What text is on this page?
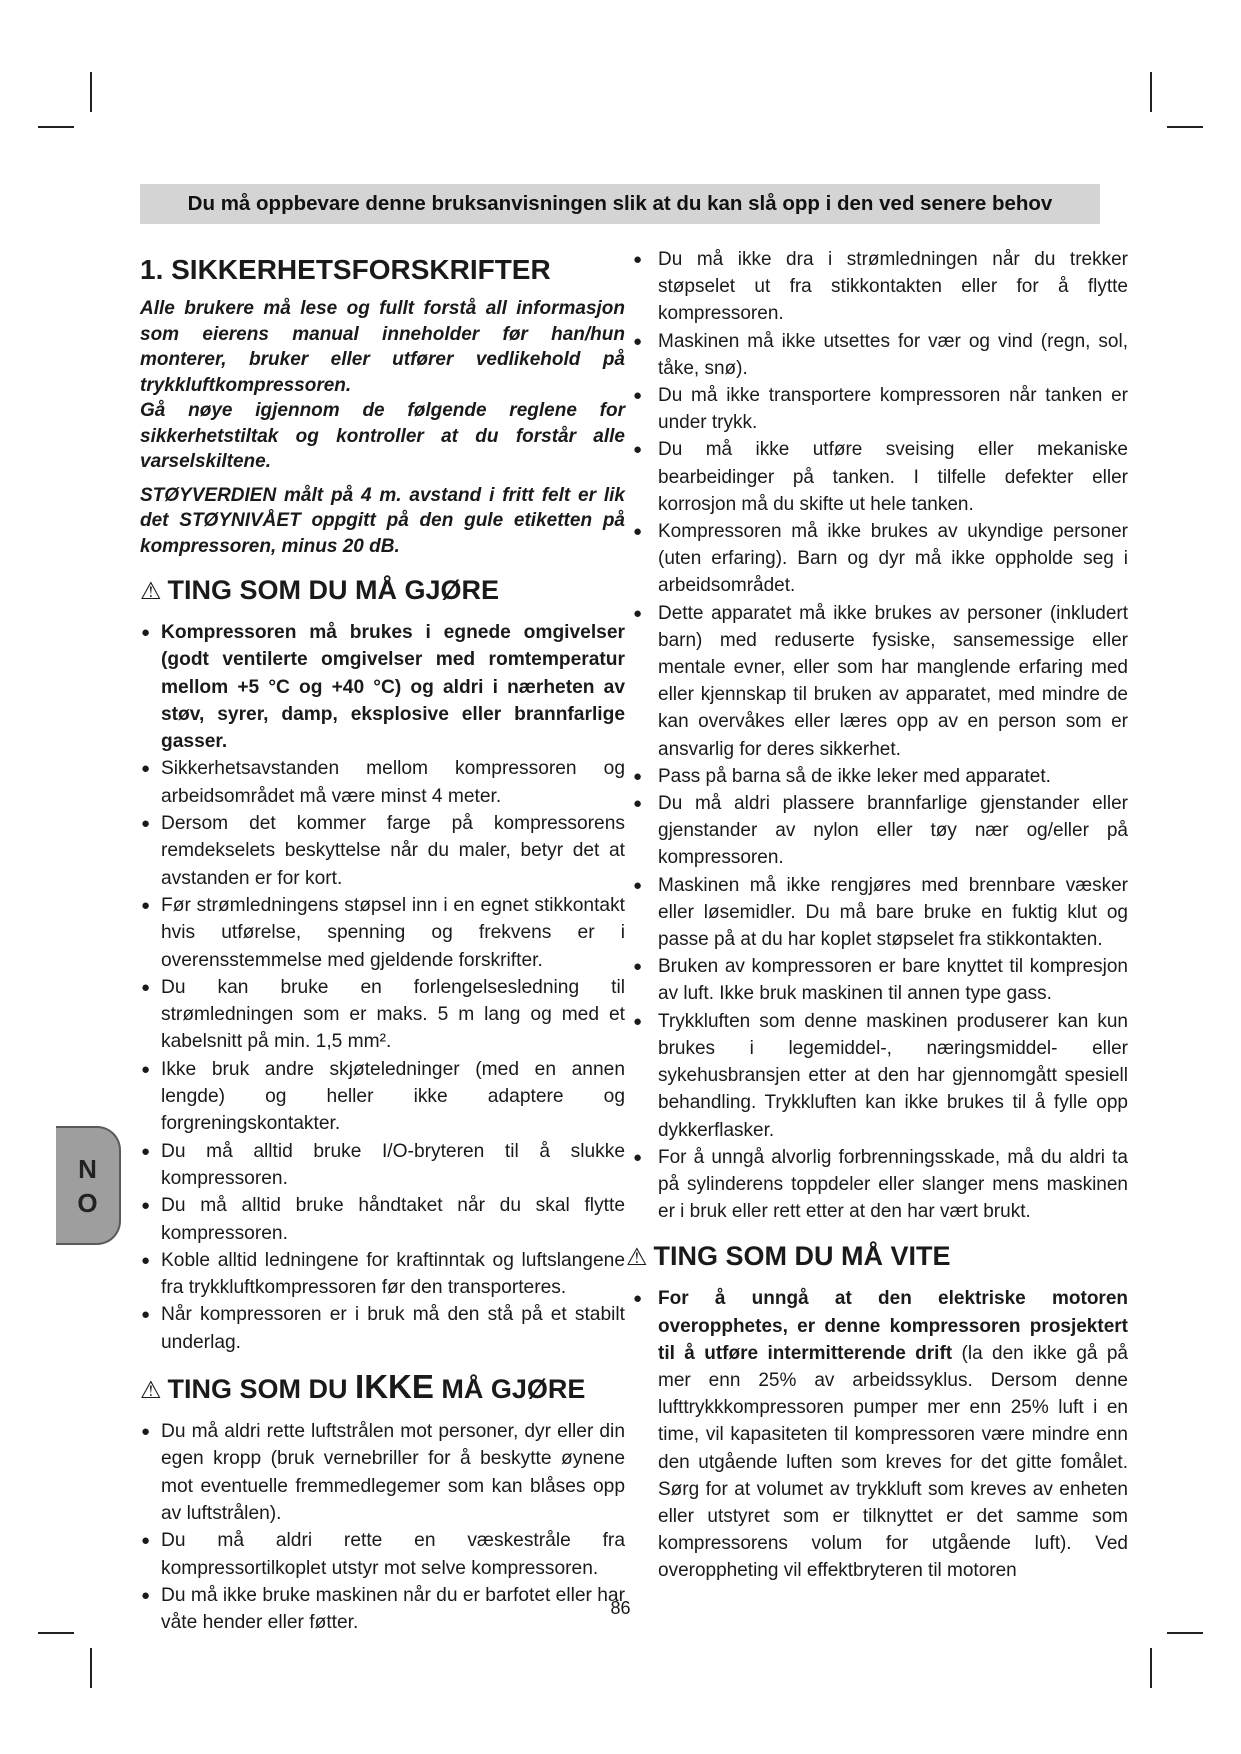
Du må oppbevare denne bruksanvisningen slik at du kan slå opp i den ved senere behov
1. SIKKERHETSFORSKRIFTER

Alle brukere må lese og fullt forstå all informasjon som eierens manual inneholder før han/hun monterer, bruker eller utfører vedlikehold på trykkluftkompressoren.

Gå nøye igjennom de følgende reglene for sikkerhetstiltak og kontroller at du forstår alle varselskiltene.

STØYVERDIEN målt på 4 m. avstand i fritt felt er lik det STØYNIVÅET oppgitt på den gule etiketten på kompressoren, minus 20 dB.

⚠ TING SOM DU MÅ GJØRE
● Kompressoren må brukes i egnede omgivelser (godt ventilerte omgivelser med romtemperatur mellom +5 °C og +40 °C) og aldri i nærheten av støv, syrer, damp, eksplosive eller brannfarlige gasser.
● Sikkerhetsavstanden mellom kompressoren og arbeidsområdet må være minst 4 meter.
● Dersom det kommer farge på kompressorens remdekselets beskyttelse når du maler, betyr det at avstanden er for kort.
● Før strømledningens støpsel inn i en egnet stikkontakt hvis utførelse, spenning og frekvens er i overensstemmelse med gjeldende forskrifter.
● Du kan bruke en forlengelsesledning til strømledningen som er maks. 5 m lang og med et kabelsnitt på min. 1,5 mm².
● Ikke bruk andre skjøteledninger (med en annen lengde) og heller ikke adaptere og forgreningskontakter.
● Du må alltid bruke I/O-bryteren til å slukke kompressoren.
● Du må alltid bruke håndtaket når du skal flytte kompressoren.
● Koble alltid ledningene for kraftinntak og luftslangene fra trykkluftkompressoren før den transporteres.
● Når kompressoren er i bruk må den stå på et stabilt underlag.
⚠ TING SOM DU IKKE MÅ GJØRE
● Du må aldri rette luftstrålen mot personer, dyr eller din egen kropp (bruk vernebriller for å beskytte øynene mot eventuelle fremmedlegemer som kan blåses opp av luftstrålen).
● Du må aldri rette en væskestråle fra kompressortilkoplet utstyr mot selve kompressoren.
● Du må ikke bruke maskinen når du er barfotet eller har våte hender eller føtter.
● Du må ikke dra i strømledningen når du trekker støpselet ut fra stikkontakten eller for å flytte kompressoren.
● Maskinen må ikke utsettes for vær og vind (regn, sol, tåke, snø).
● Du må ikke transportere kompressoren når tanken er under trykk.
● Du må ikke utføre sveising eller mekaniske bearbeidinger på tanken. I tilfelle defekter eller korrosjon må du skifte ut hele tanken.
● Kompressoren må ikke brukes av ukyndige personer (uten erfaring). Barn og dyr må ikke oppholde seg i arbeidsområdet.
● Dette apparatet må ikke brukes av personer (inkludert barn) med reduserte fysiske, sansemessige eller mentale evner, eller som har manglende erfaring med eller kjennskap til bruken av apparatet, med mindre de kan overvåkes eller læres opp av en person som er ansvarlig for deres sikkerhet.
● Pass på barna så de ikke leker med apparatet.
● Du må aldri plassere brannfarlige gjenstander eller gjenstander av nylon eller tøy nær og/eller på kompressoren.
● Maskinen må ikke rengjøres med brennbare væsker eller løsemidler. Du må bare bruke en fuktig klut og passe på at du har koplet støpselet fra stikkontakten.
● Bruken av kompressoren er bare knyttet til kompresjon av luft. Ikke bruk maskinen til annen type gass.
● Trykkluften som denne maskinen produserer kan kun brukes i legemiddel-, næringsmiddel- eller sykehusbransjen etter at den har gjennomgått spesiell behandling. Trykkluften kan ikke brukes til å fylle opp dykkerflasker.
● For å unngå alvorlig forbrenningsskade, må du aldri ta på sylinderens toppdeler eller slanger mens maskinen er i bruk eller rett etter at den har vært brukt.
⚠ TING SOM DU MÅ VITE
● For å unngå at den elektriske motoren overopphetes, er denne kompressoren prosjektert til å utføre intermitterende drift (la den ikke gå på mer enn 25% av arbeidssyklus. Dersom denne lufttrykkkompressoren pumper mer enn 25% luft i en time, vil kapasiteten til kompressoren være mindre enn den utgående luften som kreves for det gitte fomålet. Sørg for at volumet av trykkluft som kreves av enheten eller utstyret som er tilknyttet er det samme som kompressorens volum for utgående luft). Ved overoppheting vil effektbryteren til motoren
N
O
86
